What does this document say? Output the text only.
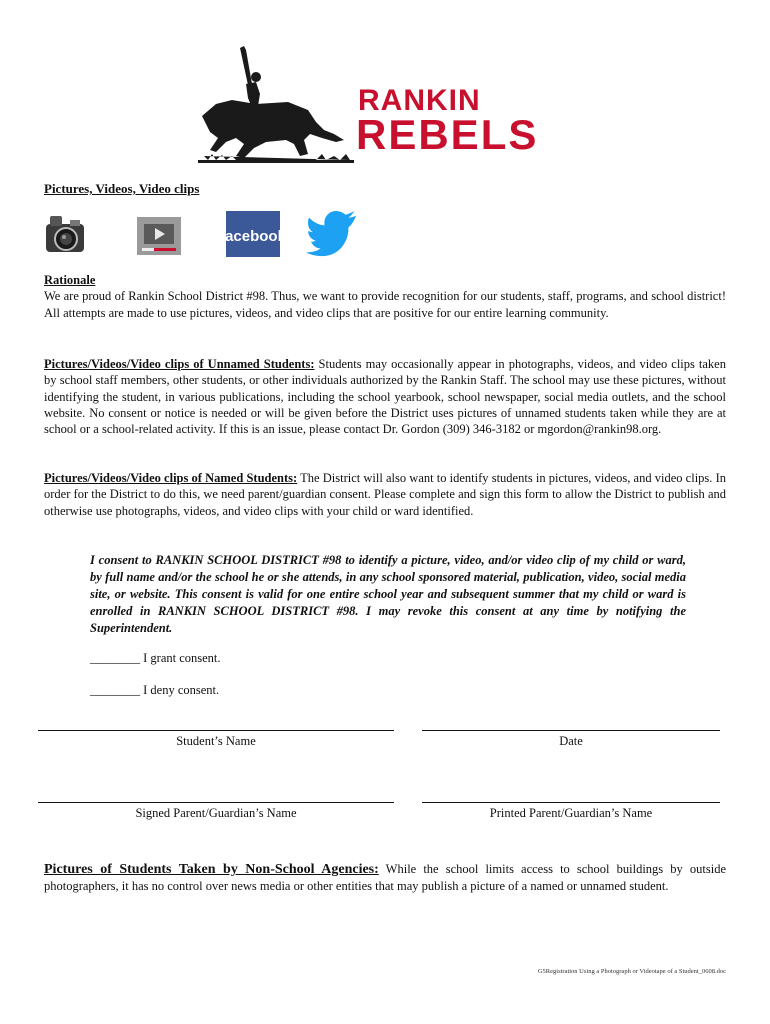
RANKIN
REBELS
Pictures, Videos, Video clips
facebook
Rationale
We are proud of Rankin School District #98. Thus, we want to provide recognition for our students, staff, programs, and school district! All attempts are made to use pictures, videos, and video clips that are positive for our entire learning community.
Pictures/Videos/Video clips of Unnamed Students: Students may occasionally appear in photographs, videos, and video clips taken by school staff members, other students, or other individuals authorized by the Rankin Staff. The school may use these pictures, without identifying the student, in various publications, including the school yearbook, school newspaper, social media outlets, and the school website. No consent or notice is needed or will be given before the District uses pictures of unnamed students taken while they are at school or a school-related activity. If this is an issue, please contact Dr. Gordon (309) 346-3182 or mgordon@rankin98.org.
Pictures/Videos/Video clips of Named Students: The District will also want to identify students in pictures, videos, and video clips. In order for the District to do this, we need parent/guardian consent. Please complete and sign this form to allow the District to publish and otherwise use photographs, videos, and video clips with your child or ward identified.
I consent to RANKIN SCHOOL DISTRICT #98 to identify a picture, video, and/or video clip of my child or ward, by full name and/or the school he or she attends, in any school sponsored material, publication, video, social media site, or website. This consent is valid for one entire school year and subsequent summer that my child or ward is enrolled in RANKIN SCHOOL DISTRICT #98. I may revoke this consent at any time by notifying the Superintendent.
________ I grant consent.
________ I deny consent.
Student’s Name	Date
Signed Parent/Guardian’s Name	Printed Parent/Guardian’s Name
Pictures of Students Taken by Non-School Agencies: While the school limits access to school buildings by outside photographers, it has no control over news media or other entities that may publish a picture of a named or unnamed student.
G5Registration Using a Photograph or Videotape of a Student_0608.doc
